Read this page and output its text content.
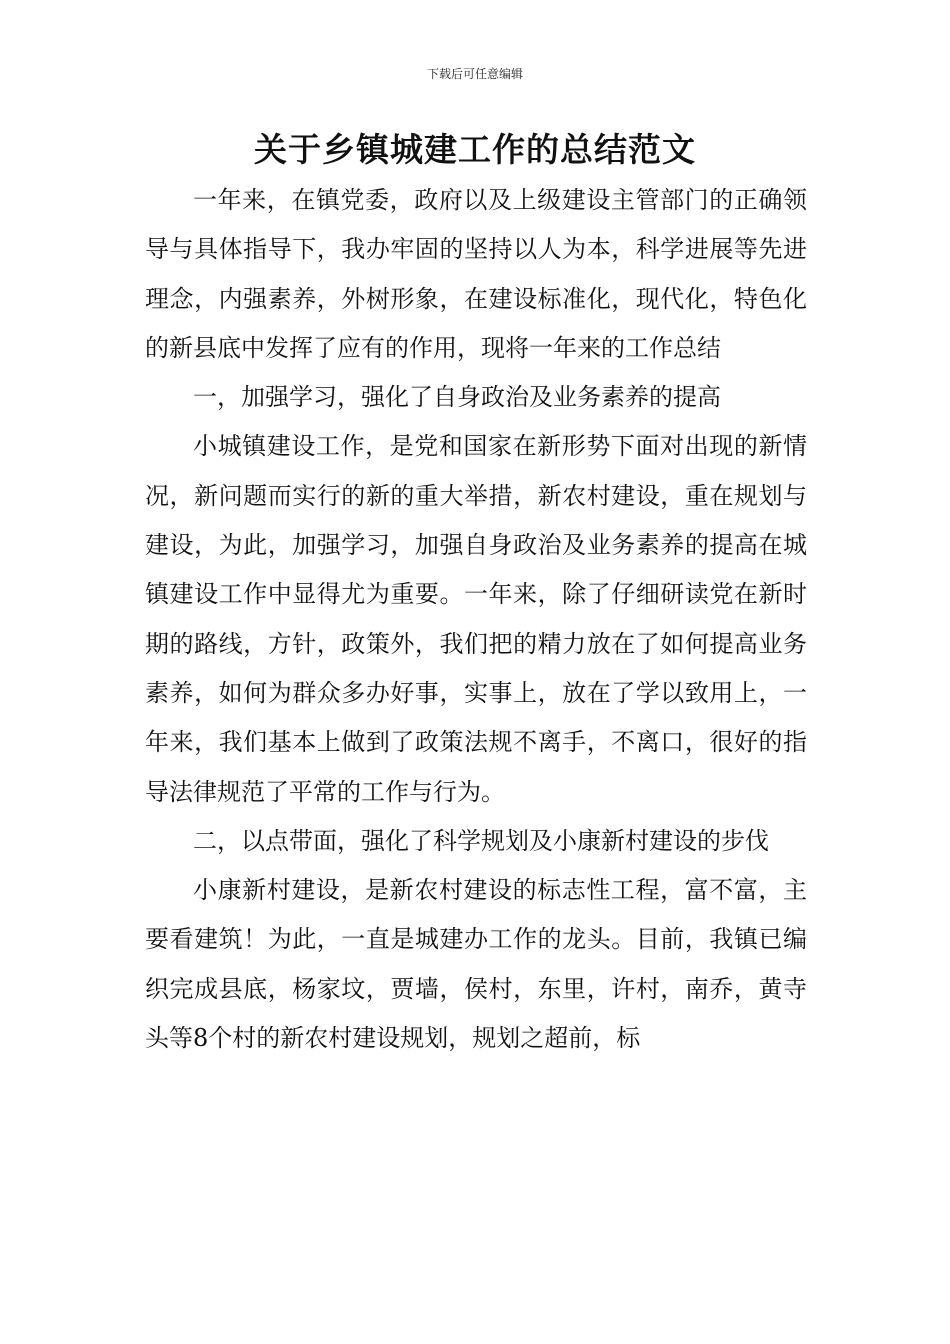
下载后可任意编辑
关于乡镇城建工作的总结范文

一年来，在镇党委，政府以及上级建设主管部门的正确领导与具体指导下，我办牢固的坚持以人为本，科学进展等先进理念，内强素养，外树形象，在建设标准化，现代化，特色化的新县底中发挥了应有的作用，现将一年来的工作总结

一，加强学习，强化了自身政治及业务素养的提高

小城镇建设工作，是党和国家在新形势下面对出现的新情况，新问题而实行的新的重大举措，新农村建设，重在规划与建设，为此，加强学习，加强自身政治及业务素养的提高在城镇建设工作中显得尤为重要。一年来，除了仔细研读党在新时期的路线，方针，政策外，我们把的精力放在了如何提高业务素养，如何为群众多办好事，实事上，放在了学以致用上，一年来，我们基本上做到了政策法规不离手，不离口，很好的指导法律规范了平常的工作与行为。

二，以点带面，强化了科学规划及小康新村建设的步伐

小康新村建设，是新农村建设的标志性工程，富不富，主要看建筑！为此，一直是城建办工作的龙头。目前，我镇已编织完成县底，杨家坟，贾墙，侯村，东里，许村，南乔，黄寺头等8个村的新农村建设规划，规划之超前，标
